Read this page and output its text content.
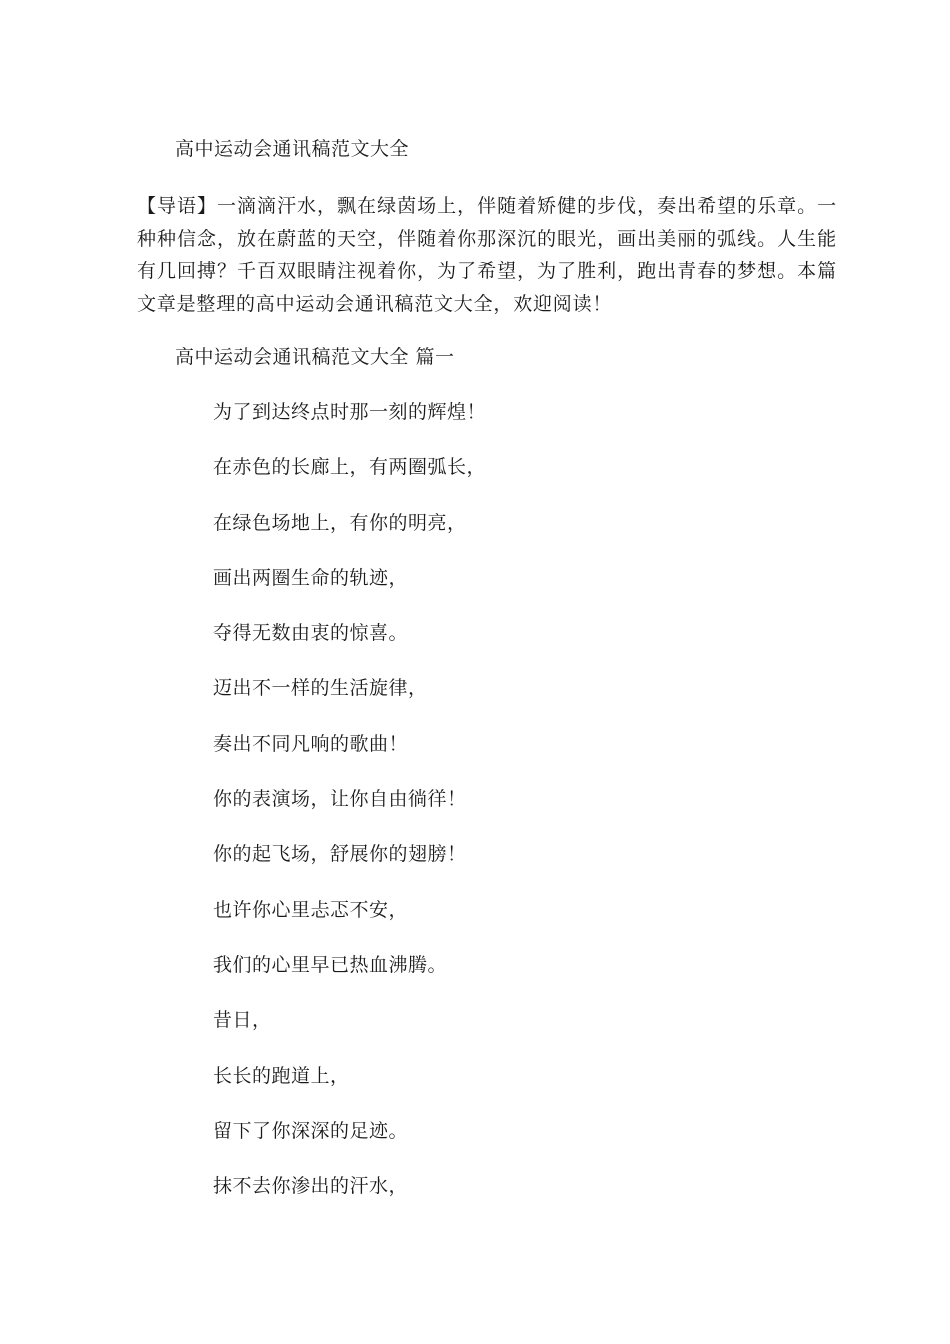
高中运动会通讯稿范文大全
【导语】一滴滴汗水，飘在绿茵场上，伴随着矫健的步伐，奏出希望的乐章。一种种信念，放在蔚蓝的天空，伴随着你那深沉的眼光，画出美丽的弧线。人生能有几回搏？千百双眼睛注视着你，为了希望，为了胜利，跑出青春的梦想。本篇文章是整理的高中运动会通讯稿范文大全，欢迎阅读！
高中运动会通讯稿范文大全 篇一
为了到达终点时那一刻的辉煌！
在赤色的长廊上，有两圈弧长，
在绿色场地上，有你的明亮，
画出两圈生命的轨迹，
夺得无数由衷的惊喜。
迈出不一样的生活旋律，
奏出不同凡响的歌曲！
你的表演场，让你自由徜徉！
你的起飞场，舒展你的翅膀！
也许你心里忐忑不安，
我们的心里早已热血沸腾。
昔日，
长长的跑道上，
留下了你深深的足迹。
抹不去你渗出的汗水，
